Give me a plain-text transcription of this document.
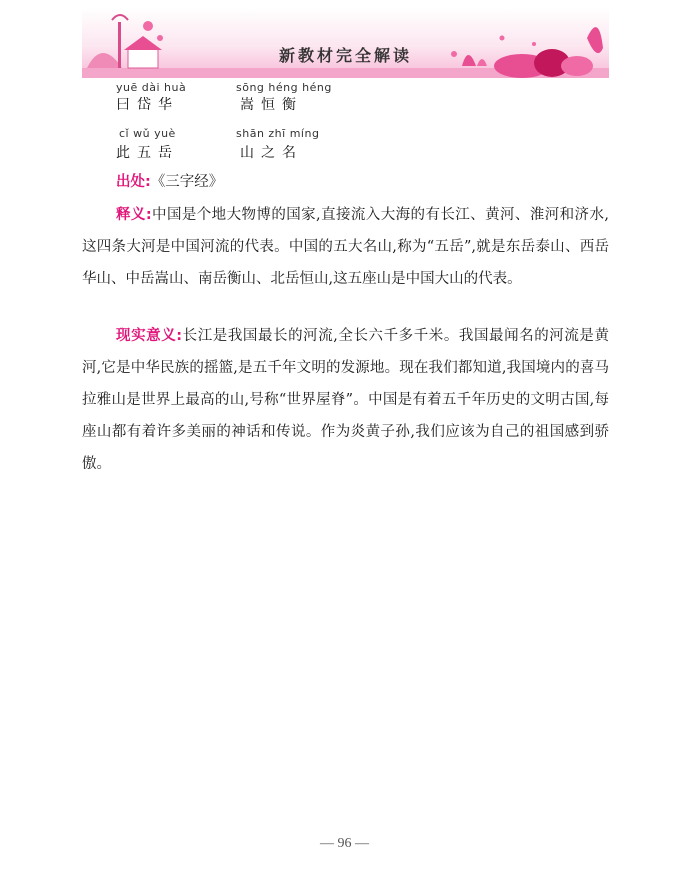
新教材完全解读
yuē dài huà	sōng héng héng
曰岱华	嵩恒衡
cǐ wǔ yuè	shān zhī míng
此五岳	山之名
出处:《三字经》
释义:中国是个地大物博的国家,直接流入大海的有长江、黄河、淮河和济水,这四条大河是中国河流的代表。中国的五大名山,称为“五岳”,就是东岳泰山、西岳华山、中岳嵩山、南岳衡山、北岳恒山,这五座山是中国大山的代表。
现实意义:长江是我国最长的河流,全长六千多千米。我国最闻名的河流是黄河,它是中华民族的摇篮,是五千年文明的发源地。现在我们都知道,我国境内的喜马拉雅山是世界上最高的山,号称“世界屋脊”。中国是有着五千年历史的文明古国,每座山都有着许多美丽的神话和传说。作为炎黄子孙,我们应该为自己的祖国感到骄傲。
— 96 —
